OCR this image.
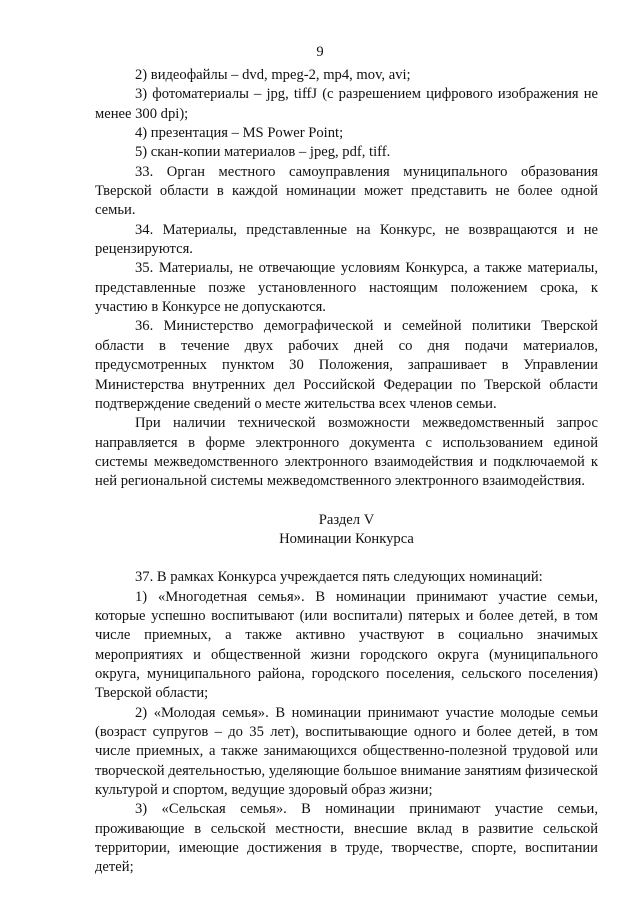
9

2) видеофайлы – dvd, mpeg-2, mp4, mov, avi;

3) фотоматериалы – jpg, tiffJ (с разрешением цифрового изображения не менее 300 dpi);

4) презентация – MS Power Point;

5) скан-копии материалов – jpeg, pdf, tiff.

33. Орган местного самоуправления муниципального образования Тверской области в каждой номинации может представить не более одной семьи.

34. Материалы, представленные на Конкурс, не возвращаются и не рецензируются.

35. Материалы, не отвечающие условиям Конкурса, а также материалы, представленные позже установленного настоящим положением срока, к участию в Конкурсе не допускаются.

36. Министерство демографической и семейной политики Тверской области в течение двух рабочих дней со дня подачи материалов, предусмотренных пунктом 30 Положения, запрашивает в Управлении Министерства внутренних дел Российской Федерации по Тверской области подтверждение сведений о месте жительства всех членов семьи.

При наличии технической возможности межведомственный запрос направляется в форме электронного документа с использованием единой системы межведомственного электронного взаимодействия и подключаемой к ней региональной системы межведомственного электронного взаимодействия.

Раздел V

Номинации Конкурса

37. В рамках Конкурса учреждается пять следующих номинаций:

1) «Многодетная семья». В номинации принимают участие семьи, которые успешно воспитывают (или воспитали) пятерых и более детей, в том числе приемных, а также активно участвуют в социально значимых мероприятиях и общественной жизни городского округа (муниципального округа, муниципального района, городского поселения, сельского поселения) Тверской области;

2) «Молодая семья». В номинации принимают участие молодые семьи (возраст супругов – до 35 лет), воспитывающие одного и более детей, в том числе приемных, а также занимающихся общественно-полезной трудовой или творческой деятельностью, уделяющие большое внимание занятиям физической культурой и спортом, ведущие здоровый образ жизни;

3) «Сельская семья». В номинации принимают участие семьи, проживающие в сельской местности, внесшие вклад в развитие сельской территории, имеющие достижения в труде, творчестве, спорте, воспитании детей;
